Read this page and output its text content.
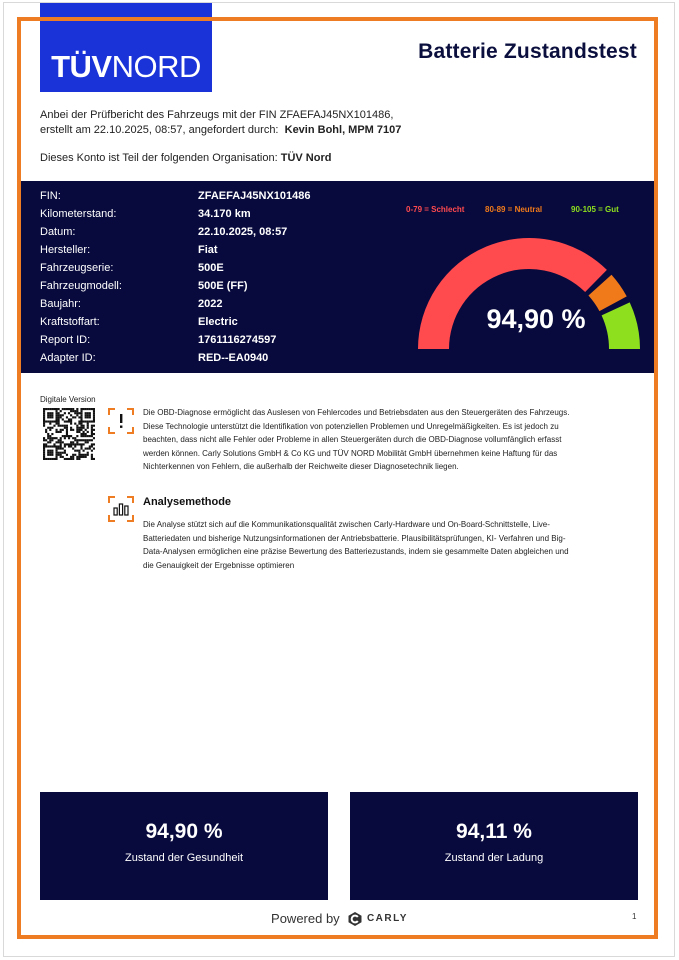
TÜVNORD	Batterie Zustandstest
Anbei der Prüfbericht des Fahrzeugs mit der FIN ZFAEFAJ45NX101486,
erstellt am 22.10.2025, 08:57, angefordert durch: Kevin Bohl, MPM 7107
Dieses Konto ist Teil der folgenden Organisation: TÜV Nord
FIN:	ZFAEFAJ45NX101486
Kilometerstand:	34.170 km
Datum:	22.10.2025, 08:57
Hersteller:	Fiat
Fahrzeugserie:	500E
Fahrzeugmodell:	500E (FF)
Baujahr:	2022
Kraftstoffart:	Electric
Report ID:	1761116274597
Adapter ID:	RED--EA0940
0-79 = Schlecht	80-89 = Neutral	90-105 = Gut
94,90 %
Digitale Version
Die OBD-Diagnose ermöglicht das Auslesen von Fehlercodes und Betriebsdaten aus den Steuergeräten des Fahrzeugs.
Diese Technologie unterstützt die Identifikation von potenziellen Problemen und Unregelmäßigkeiten. Es ist jedoch zu
beachten, dass nicht alle Fehler oder Probleme in allen Steuergeräten durch die OBD-Diagnose vollumfänglich erfasst
werden können. Carly Solutions GmbH & Co KG und TÜV NORD Mobilität GmbH übernehmen keine Haftung für das
Nichterkennen von Fehlern, die außerhalb der Reichweite dieser Diagnosetechnik liegen.
Analysemethode
Die Analyse stützt sich auf die Kommunikationsqualität zwischen Carly-Hardware und On-Board-Schnittstelle, Live-
Batteriedaten und bisherige Nutzungsinformationen der Antriebsbatterie. Plausibilitätsprüfungen, KI- Verfahren und Big-
Data-Analysen ermöglichen eine präzise Bewertung des Batteriezustands, indem sie gesammelte Daten abgleichen und
die Genauigkeit der Ergebnisse optimieren
94,90 %
Zustand der Gesundheit
94,11 %
Zustand der Ladung
Powered by	CARLY	1
